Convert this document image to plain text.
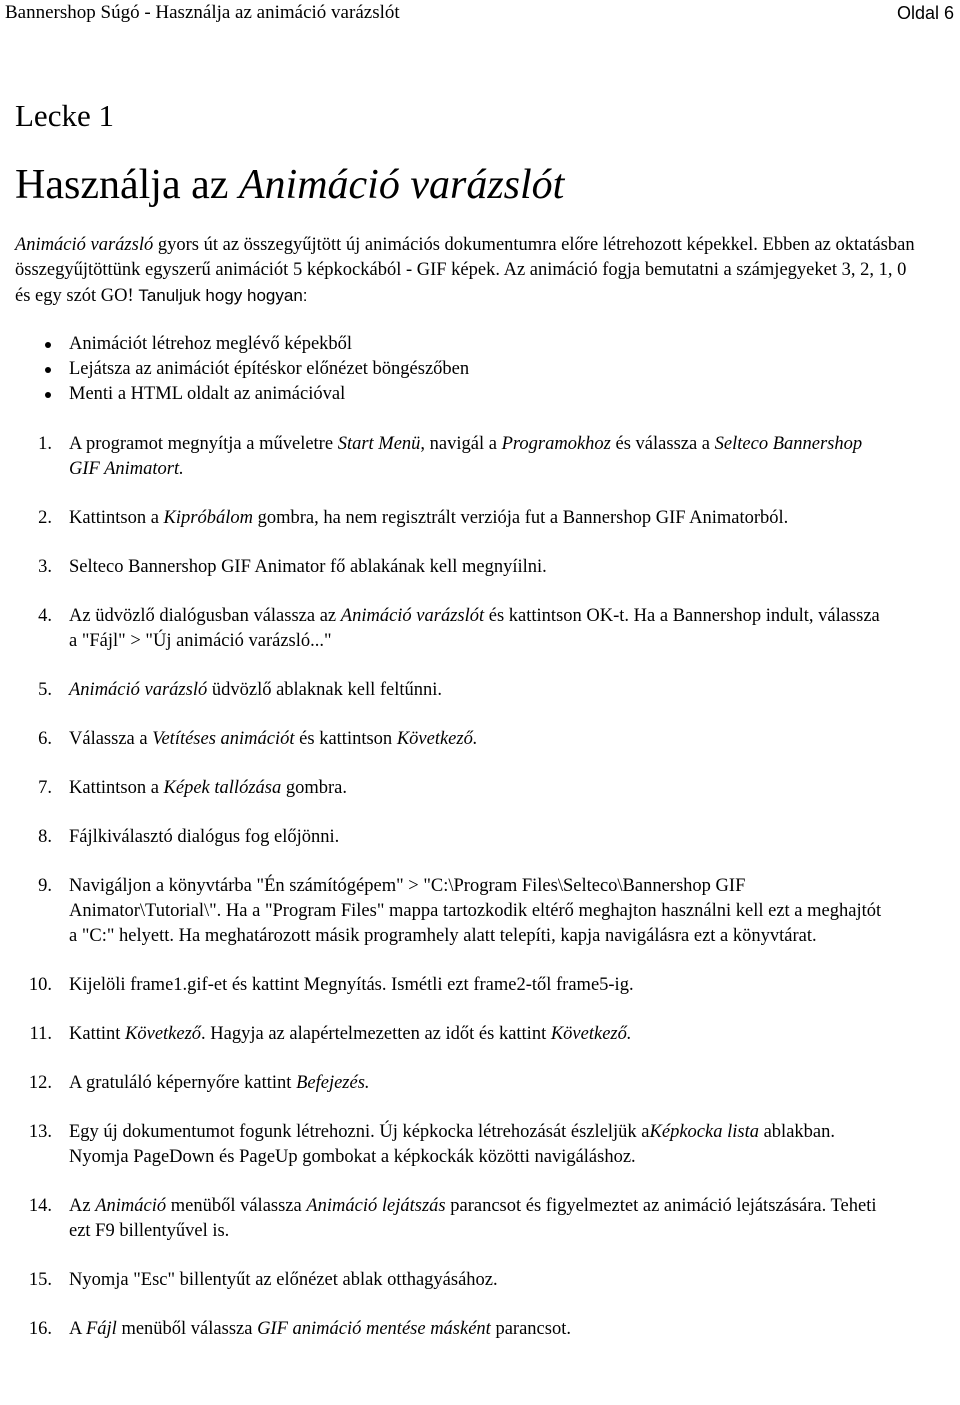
Bannershop Súgó - Használja az animáció varázslót	Oldal 6
Lecke 1
Használja az Animáció varázslót

Animáció varázsló gyors út az összegyűjtött új animációs dokumentumra előre létrehozott képekkel. Ebben az oktatásban összegyűjtöttünk egyszerű animációt 5 képkockából - GIF képek. Az animáció fogja bemutatni a számjegyeket 3, 2, 1, 0 és egy szót GO! Tanuljuk hogy hogyan:

Animációt létrehoz meglévő képekből
Lejátsza az animációt építéskor előnézet böngészőben
Menti a HTML oldalt az animációval
1. A programot megnyítja a műveletre Start Menü, navigál a Programokhoz és válassza a Selteco Bannershop GIF Animatort.
2. Kattintson a Kipróbálom gombra, ha nem regisztrált verziója fut a Bannershop GIF Animatorból.
3. Selteco Bannershop GIF Animator fő ablakának kell megnyíilni.
4. Az üdvözlő dialógusban válassza az Animáció varázslót és kattintson OK-t. Ha a Bannershop indult, válassza a "Fájl" > "Új animáció varázsló..."
5. Animáció varázsló üdvözlő ablaknak kell feltűnni.
6. Válassza a Vetítéses animációt és kattintson Következő.
7. Kattintson a Képek tallózása gombra.
8. Fájlkiválasztó dialógus fog előjönni.
9. Navigáljon a könyvtárba "Én számítógépem" > "C:\Program Files\Selteco\Bannershop GIF Animator\Tutorial\". Ha a "Program Files" mappa tartozkodik eltérő meghajton használni kell ezt a meghajtót a "C:" helyett. Ha meghatározott másik programhely alatt telepíti, kapja navigálásra ezt a könyvtárat.
10. Kijelöli frame1.gif-et és kattint Megnyítás. Ismétli ezt frame2-től frame5-ig.
11. Kattint Következő. Hagyja az alapértelmezetten az időt és kattint Következő.
12. A gratuláló képernyőre kattint Befejezés.
13. Egy új dokumentumot fogunk létrehozni. Új képkocka létrehozását észleljük aKépkocka lista ablakban. Nyomja PageDown és PageUp gombokat a képkockák közötti navigáláshoz.
14. Az Animáció menüből válassza Animáció lejátszás parancsot és figyelmeztet az animáció lejátszására. Teheti ezt F9 billentyűvel is.
15. Nyomja "Esc" billentyűt az előnézet ablak otthagyásához.
16. A Fájl menüből válassza GIF animáció mentése másként parancsot.
